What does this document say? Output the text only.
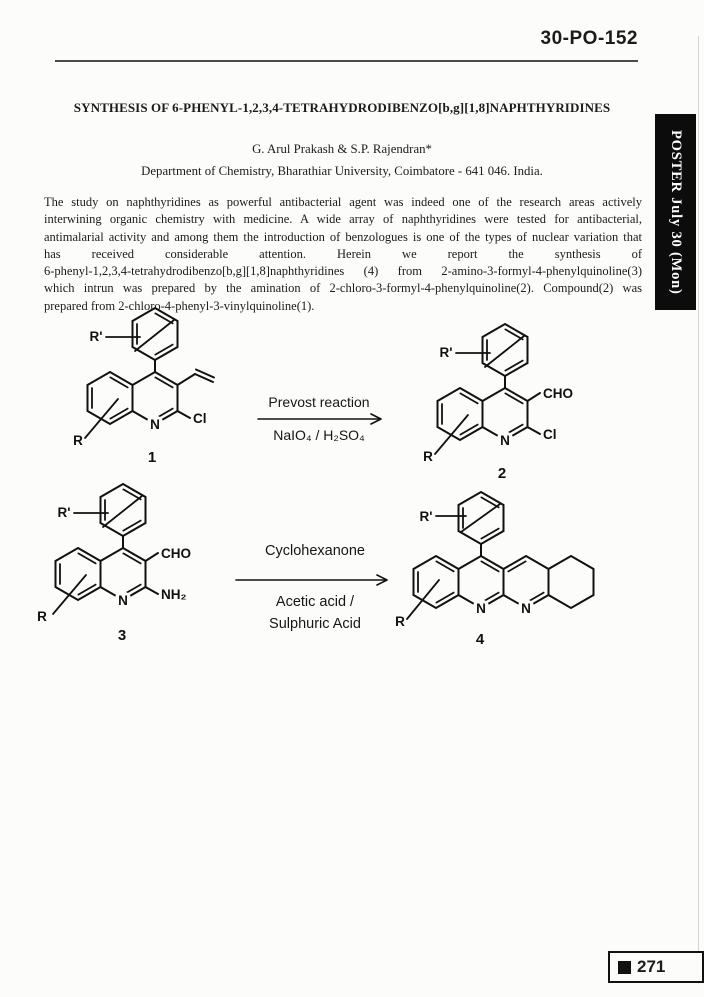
30-PO-152
POSTER July 30 (Mon)
SYNTHESIS OF 6-PHENYL-1,2,3,4-TETRAHYDRODIBENZO[b,g][1,8]NAPHTHYRIDINES
G. Arul Prakash & S.P. Rajendran*
Department of Chemistry, Bharathiar University, Coimbatore - 641 046. India.
The study on naphthyridines as powerful antibacterial agent was indeed one of the research areas actively
interwining organic chemistry with medicine. A wide array of naphthyridines were tested for antibacterial,
antimalarial activity and among them the introduction of benzologues is one of the types of nuclear variation that
has received considerable attention. Herein we report the synthesis of
6-phenyl-1,2,3,4-tetrahydrodibenzo[b,g][1,8]naphthyridines (4) from 2-amino-3-formyl-4-phenylquinoline(3)
which intrun was prepared by the amination of 2-chloro-3-formyl-4-phenylquinoline(2). Compound(2) was
prepared from 2-chloro-4-phenyl-3-vinylquinoline(1).
N Cl
R'
R
1
Prevost reaction
NaIO₄ / H₂SO₄	N
CHO
Cl
R'
R
2
N
CHO
NH₂
R'
R
3
Cyclohexanone
Acetic acid /
Sulphuric Acid
N	N
R'
R
4
271
